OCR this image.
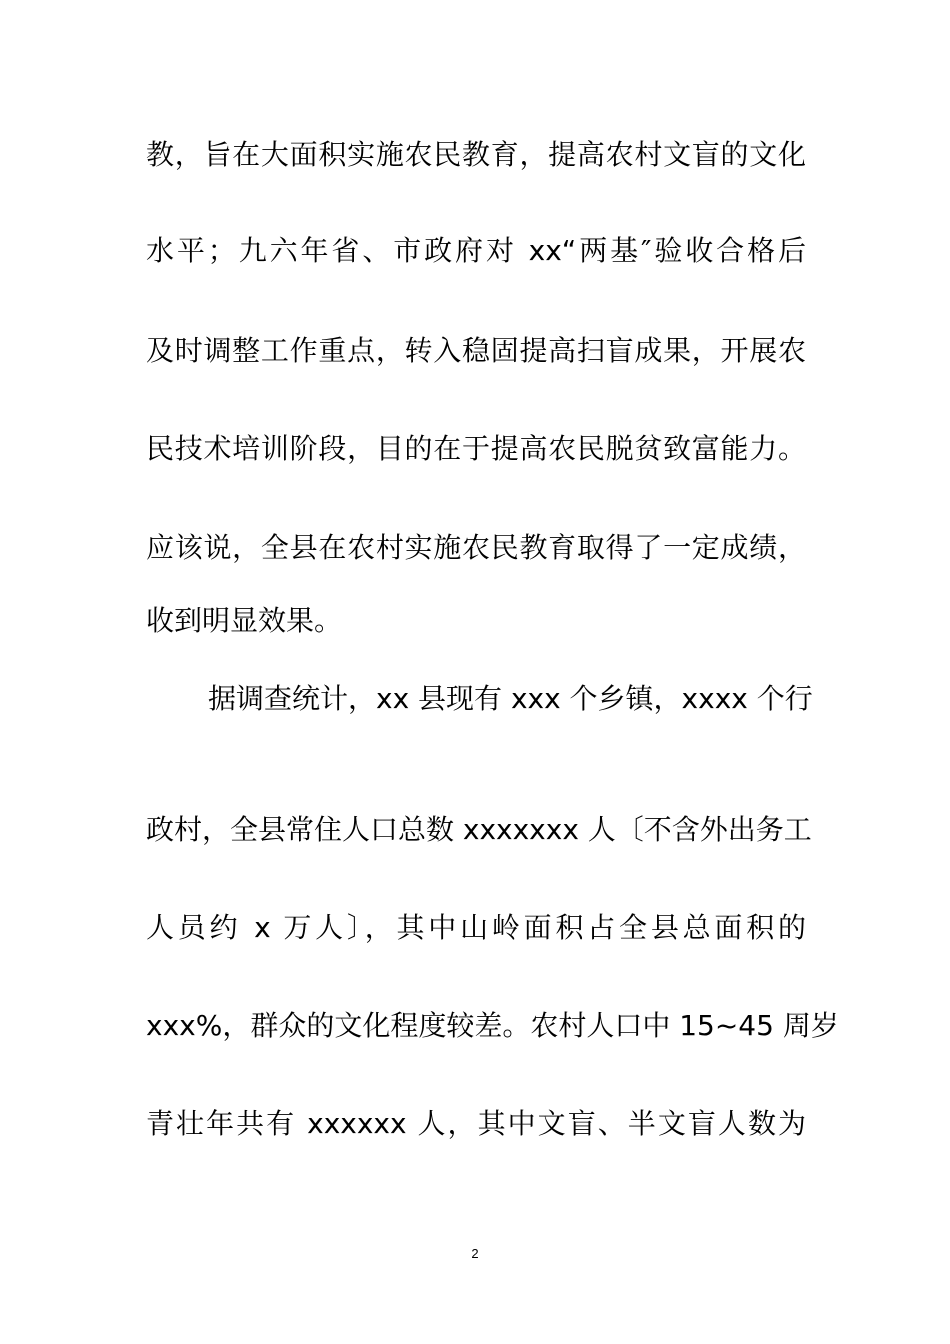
教，旨在大面积实施农民教育，提高农村文盲的文化
水平；九六年省、市政府对 xx“两基″验收合格后
及时调整工作重点，转入稳固提高扫盲成果，开展农
民技术培训阶段，目的在于提高农民脱贫致富能力。
应该说，全县在农村实施农民教育取得了一定成绩，
收到明显效果。
据调查统计，xx 县现有 xxx 个乡镇，xxxx 个行
政村，全县常住人口总数 xxxxxxx 人〔不含外出务工
人员约 x 万人〕，其中山岭面积占全县总面积的
xxx%，群众的文化程度较差。农村人口中 15~45 周岁
青壮年共有 xxxxxx 人，其中文盲、半文盲人数为
2
